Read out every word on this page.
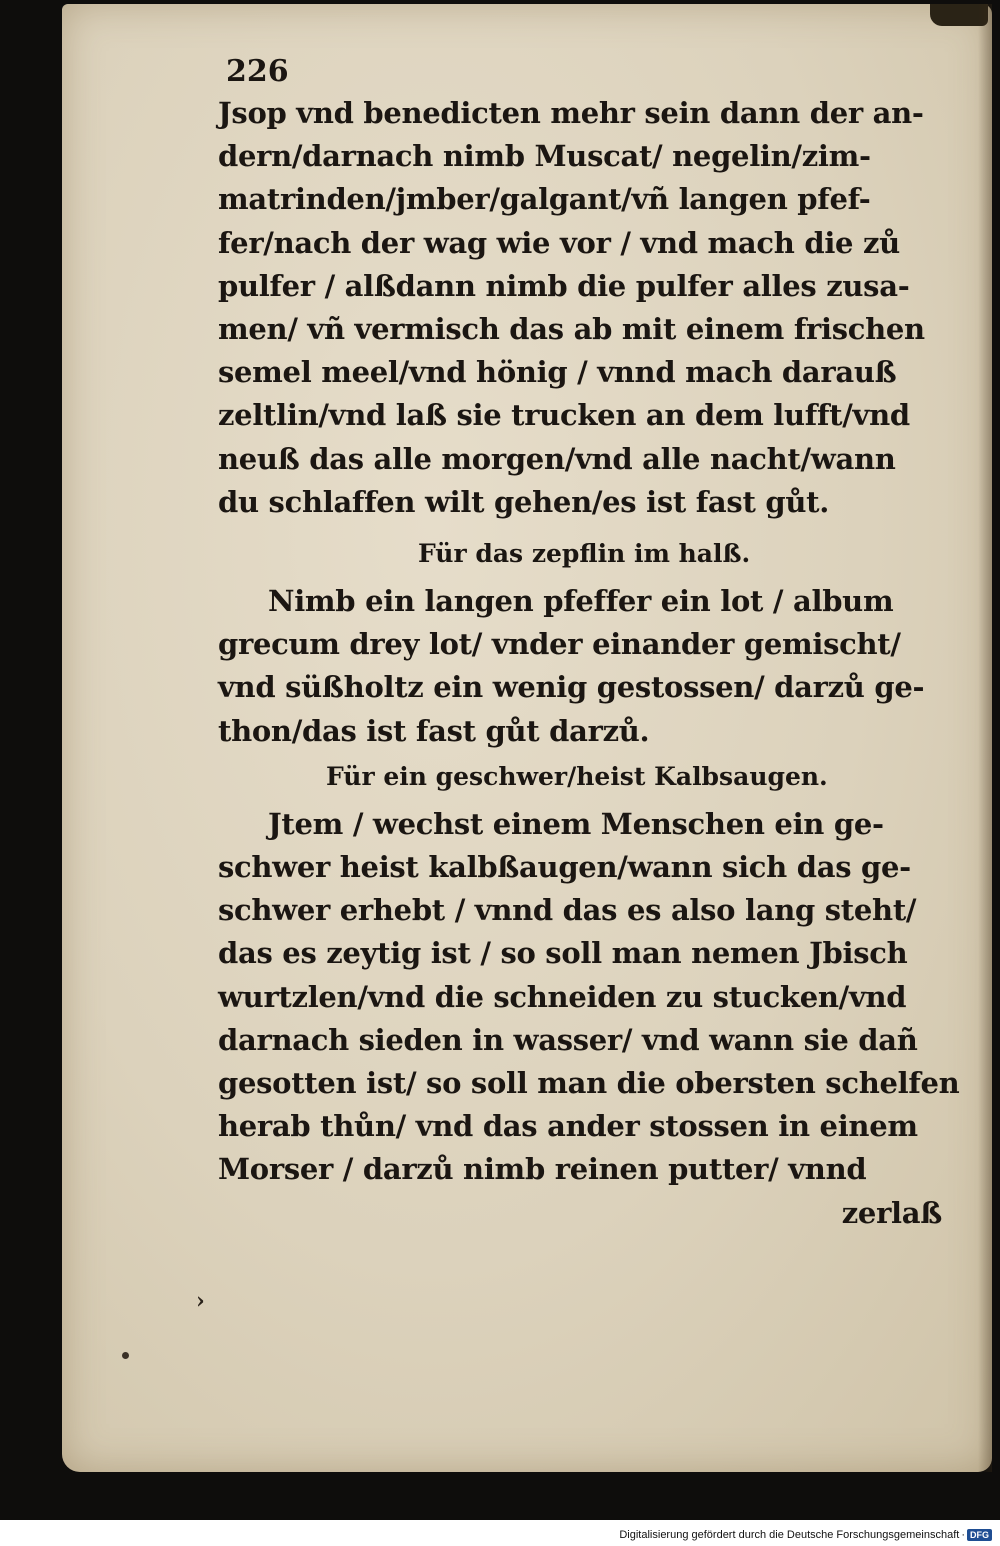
226
Jsop vnd benedicten mehr sein dann der an-
dern/darnach nimb Muscat/ negelin/zim-
matrinden/jmber/galgant/vñ langen pfef-
fer/nach der wag wie vor / vnd mach die zů
pulfer / alßdann nimb die pulfer alles zusa-
men/ vñ vermisch das ab mit einem frischen
semel meel/vnd hönig / vnnd mach darauß
zeltlin/vnd laß sie trucken an dem lufft/vnd
neuß das alle morgen/vnd alle nacht/wann
du schlaffen wilt gehen/es ist fast gůt.
Für das zepflin im halß.
Nimb ein langen pfeffer ein lot / album
grecum drey lot/ vnder einander gemischt/
vnd süßholtz ein wenig gestossen/ darzů ge-
thon/das ist fast gůt darzů.
Für ein geschwer/heist Kalbsaugen.
Jtem / wechst einem Menschen ein ge-
schwer heist kalbßaugen/wann sich das ge-
schwer erhebt / vnnd das es also lang steht/
das es zeytig ist / so soll man nemen Jbisch
wurtzlen/vnd die schneiden zu stucken/vnd
darnach sieden in wasser/ vnd wann sie dañ
gesotten ist/ so soll man die obersten schelfen
herab thůn/ vnd das ander stossen in einem
Morser / darzů nimb reinen putter/ vnnd
zerlaß
›
Digitalisierung gefördert durch die Deutsche Forschungsgemeinschaft · DFG
